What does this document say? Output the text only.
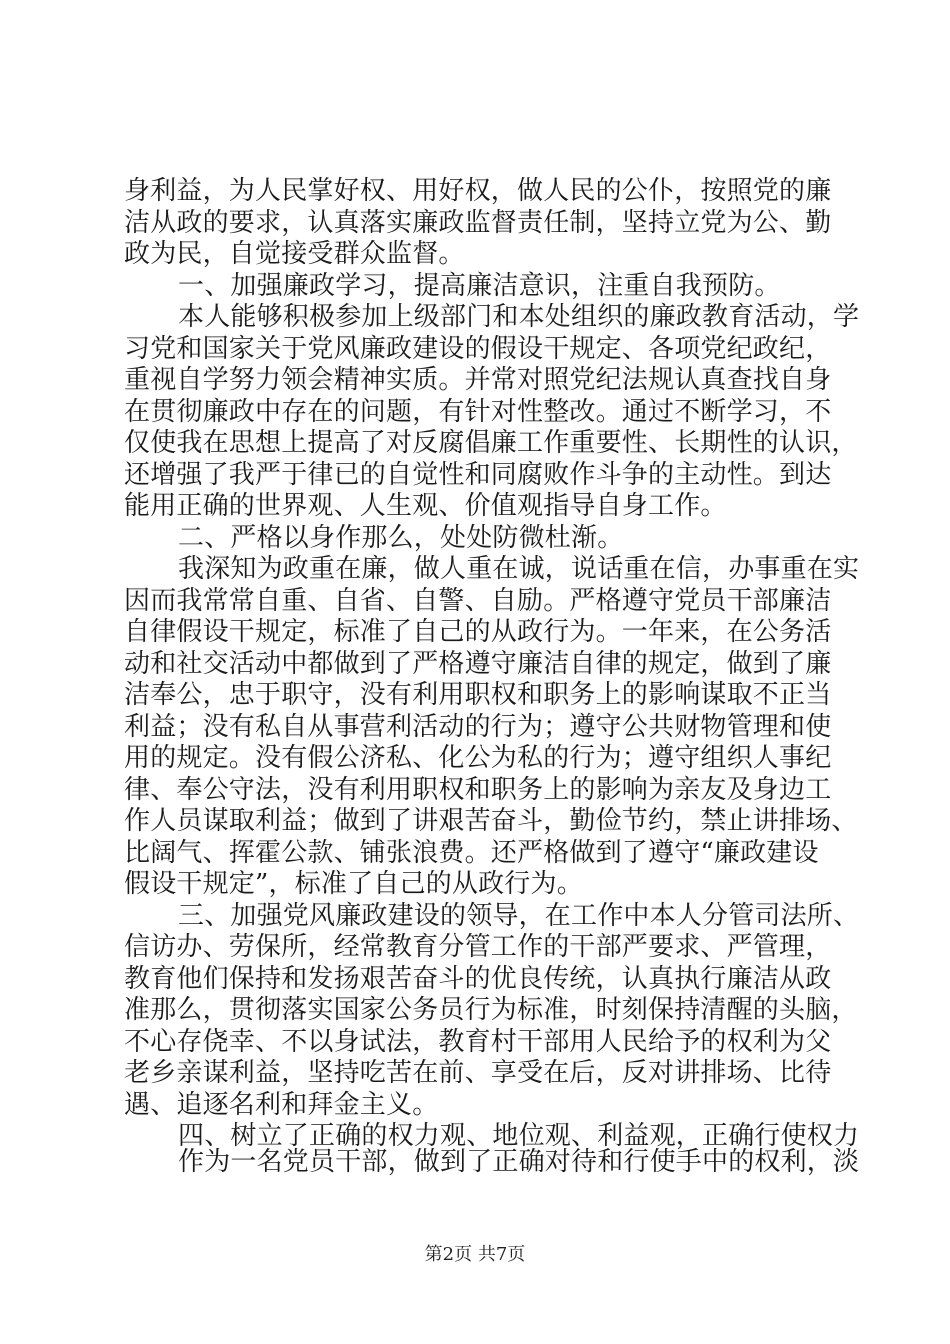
身利益，为人民掌好权、用好权，做人民的公仆，按照党的廉
洁从政的要求，认真落实廉政监督责任制，坚持立党为公、勤
政为民，自觉接受群众监督。
一、加强廉政学习，提高廉洁意识，注重自我预防。
本人能够积极参加上级部门和本处组织的廉政教育活动，学
习党和国家关于党风廉政建设的假设干规定、各项党纪政纪，
重视自学努力领会精神实质。并常对照党纪法规认真查找自身
在贯彻廉政中存在的问题，有针对性整改。通过不断学习，不
仅使我在思想上提高了对反腐倡廉工作重要性、长期性的认识，
还增强了我严于律已的自觉性和同腐败作斗争的主动性。到达
能用正确的世界观、人生观、价值观指导自身工作。
二、严格以身作那么，处处防微杜渐。
我深知为政重在廉，做人重在诚，说话重在信，办事重在实
因而我常常自重、自省、自警、自励。严格遵守党员干部廉洁
自律假设干规定，标准了自己的从政行为。一年来，在公务活
动和社交活动中都做到了严格遵守廉洁自律的规定，做到了廉
洁奉公，忠于职守，没有利用职权和职务上的影响谋取不正当
利益；没有私自从事营利活动的行为；遵守公共财物管理和使
用的规定。没有假公济私、化公为私的行为；遵守组织人事纪
律、奉公守法，没有利用职权和职务上的影响为亲友及身边工
作人员谋取利益；做到了讲艰苦奋斗，勤俭节约，禁止讲排场、
比阔气、挥霍公款、铺张浪费。还严格做到了遵守“廉政建设
假设干规定”，标准了自己的从政行为。
三、加强党风廉政建设的领导，在工作中本人分管司法所、
信访办、劳保所，经常教育分管工作的干部严要求、严管理，
教育他们保持和发扬艰苦奋斗的优良传统，认真执行廉洁从政
准那么，贯彻落实国家公务员行为标准，时刻保持清醒的头脑，
不心存侥幸、不以身试法，教育村干部用人民给予的权利为父
老乡亲谋利益，坚持吃苦在前、享受在后，反对讲排场、比待
遇、追逐名利和拜金主义。
四、树立了正确的权力观、地位观、利益观，正确行使权力
作为一名党员干部，做到了正确对待和行使手中的权利，淡
第2页 共7页
